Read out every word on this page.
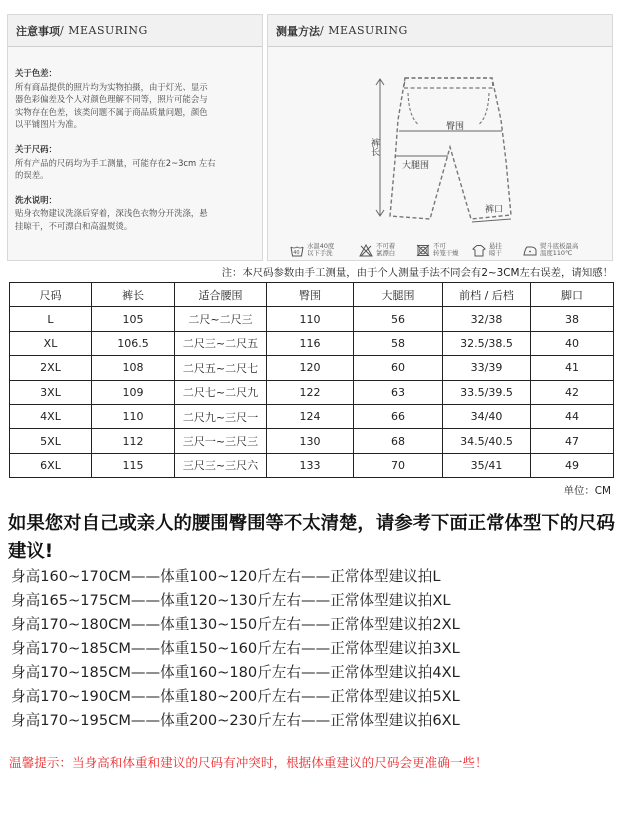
注意事项 / MEASURING
关于色差：
所有商品提供的照片均为实物拍摄，由于灯光、显示
器色彩偏差及个人对颜色理解不同等，照片可能会与
实物存在色差，该类问题不属于商品质量问题，颜色
以平铺图片为准。
关于尺码：
所有产品的尺码均为手工测量，可能存在2~3cm 左右
的误差。
洗水说明：
贴身衣物建议洗涤后穿着，深浅色衣物分开洗涤，悬
挂晾干，不可漂白和高温熨烫。
测量方法 / MEASURING
裤长
臀围
大腿围
裤口
40
水温40度
以下手洗
不可着
氯漂白
不可
转笼干燥
悬挂
晾干
熨斗底板最高
温度110℃
注：本尺码参数由手工测量，由于个人测量手法不同会有2~3CM左右误差，请知感！
尺码	裤长	适合腰围	臀围	大腿围	前档 / 后档	脚口
L	105	二尺~二尺三	110	56	32/38	38
XL	106.5	二尺三~二尺五	116	58	32.5/38.5	40
2XL	108	二尺五~二尺七	120	60	33/39	41
3XL	109	二尺七~二尺九	122	63	33.5/39.5	42
4XL	110	二尺九~三尺一	124	66	34/40	44
5XL	112	三尺一~三尺三	130	68	34.5/40.5	47
6XL	115	三尺三~三尺六	133	70	35/41	49
单位：CM
如果您对自己或亲人的腰围臀围等不太清楚，请参考下面正常体型下的尺码建议!
身高160~170CM——体重100~120斤左右——正常体型建议拍L
身高165~175CM——体重120~130斤左右——正常体型建议拍XL
身高170~180CM——体重130~150斤左右——正常体型建议拍2XL
身高170~185CM——体重150~160斤左右——正常体型建议拍3XL
身高170~185CM——体重160~180斤左右——正常体型建议拍4XL
身高170~190CM——体重180~200斤左右——正常体型建议拍5XL
身高170~195CM——体重200~230斤左右——正常体型建议拍6XL
温馨提示：当身高和体重和建议的尺码有冲突时，根据体重建议的尺码会更准确一些！
